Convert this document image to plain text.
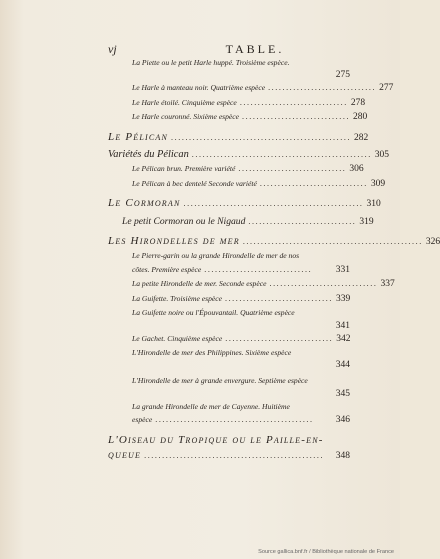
vj	TABLE.
La Piette ou le petit Harle huppé. Troisième espèce.
275
Le Harle à manteau noir. Quatrième espèce .............................. 277
Le Harle étoilé. Cinquième espèce .............................. 278
Le Harle couronné. Sixième espèce .............................. 280
Le Pélican .................................................. 282
Variétés du Pélican .................................................. 305
Le Pélican brun. Première variété .............................. 306
Le Pélican à bec dentelé Seconde variété .............................. 309
Le Cormoran .................................................. 310
Le petit Cormoran ou le Nigaud .............................. 319
Les Hirondelles de mer .................................................. 326
Le Pierre-garin ou la grande Hirondelle de mer de nos
côtes. Première espèce ..............................	331
La petite Hirondelle de mer. Seconde espèce .............................. 337
La Guifette. Troisième espèce .............................. 339
La Guifette noire ou l'Épouvantail. Quatrième espèce
341
Le Gachet. Cinquième espèce .............................. 342
L'Hirondelle de mer des Philippines. Sixième espèce
344
L'Hirondelle de mer à grande envergure. Septième espèce
345
La grande Hirondelle de mer de Cayenne. Huitième
espèce ............................................	346
L'Oiseau du Tropique ou le Paille-en-
queue ..................................................	348
Source gallica.bnf.fr / Bibliothèque nationale de France
